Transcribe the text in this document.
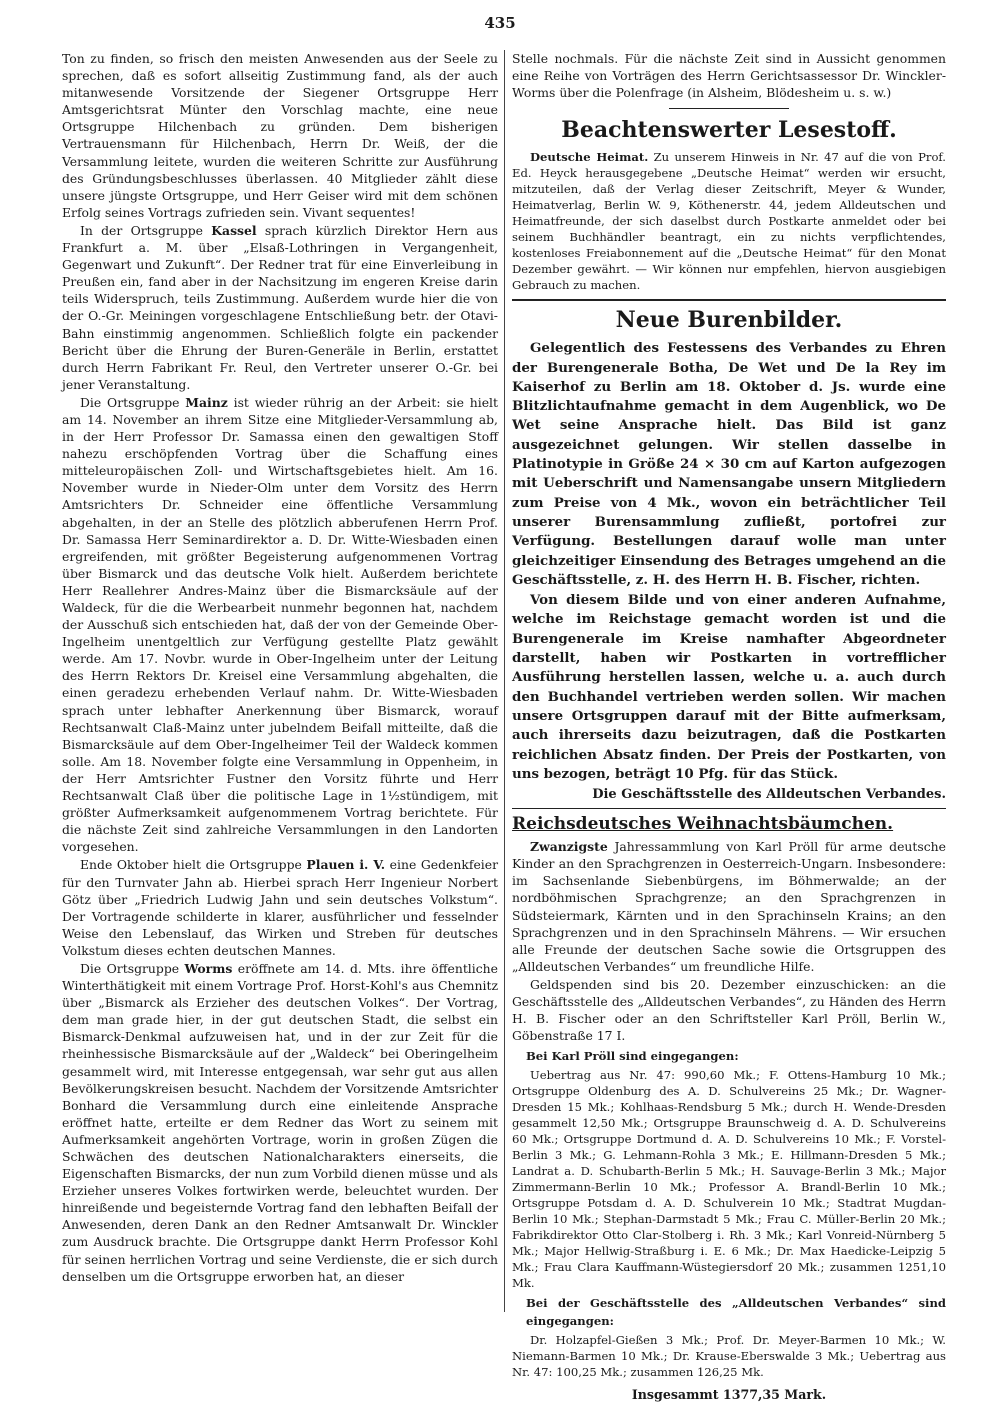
435

Ton zu finden, so frisch den meisten Anwesenden aus der Seele zu sprechen, daß es sofort allseitig Zustimmung fand, als der auch mitanwesende Vorsitzende der Siegener Ortsgruppe Herr Amtsgerichtsrat Münter den Vorschlag machte, eine neue Ortsgruppe Hilchenbach zu gründen. Dem bisherigen Vertrauensmann für Hilchenbach, Herrn Dr. Weiß, der die Versammlung leitete, wurden die weiteren Schritte zur Ausführung des Gründungsbeschlusses überlassen. 40 Mitglieder zählt diese unsere jüngste Ortsgruppe, und Herr Geiser wird mit dem schönen Erfolg seines Vortrags zufrieden sein. Vivant sequentes!

In der Ortsgruppe Kassel sprach kürzlich Direktor Hern aus Frankfurt a. M. über „Elsaß-Lothringen in Vergangenheit, Gegenwart und Zukunft“. Der Redner trat für eine Einverleibung in Preußen ein, fand aber in der Nachsitzung im engeren Kreise darin teils Widerspruch, teils Zustimmung. Außerdem wurde hier die von der O.-Gr. Meiningen vorgeschlagene Entschließung betr. der Otavi-Bahn einstimmig angenommen. Schließlich folgte ein packender Bericht über die Ehrung der Buren-Generäle in Berlin, erstattet durch Herrn Fabrikant Fr. Reul, den Vertreter unserer O.-Gr. bei jener Veranstaltung.

Die Ortsgruppe Mainz ist wieder rührig an der Arbeit: sie hielt am 14. November an ihrem Sitze eine Mitglieder-Versammlung ab, in der Herr Professor Dr. Samassa einen den gewaltigen Stoff nahezu erschöpfenden Vortrag über die Schaffung eines mitteleuropäischen Zoll- und Wirtschaftsgebietes hielt. Am 16. November wurde in Nieder-Olm unter dem Vorsitz des Herrn Amtsrichters Dr. Schneider eine öffentliche Versammlung abgehalten, in der an Stelle des plötzlich abberufenen Herrn Prof. Dr. Samassa Herr Seminardirektor a. D. Dr. Witte-Wiesbaden einen ergreifenden, mit größter Begeisterung aufgenommenen Vortrag über Bismarck und das deutsche Volk hielt. Außerdem berichtete Herr Reallehrer Andres-Mainz über die Bismarcksäule auf der Waldeck, für die die Werbearbeit nunmehr begonnen hat, nachdem der Ausschuß sich entschieden hat, daß der von der Gemeinde Ober-Ingelheim unentgeltlich zur Verfügung gestellte Platz gewählt werde. Am 17. Novbr. wurde in Ober-Ingelheim unter der Leitung des Herrn Rektors Dr. Kreisel eine Versammlung abgehalten, die einen geradezu erhebenden Verlauf nahm. Dr. Witte-Wiesbaden sprach unter lebhafter Anerkennung über Bismarck, worauf Rechtsanwalt Claß-Mainz unter jubelndem Beifall mitteilte, daß die Bismarcksäule auf dem Ober-Ingelheimer Teil der Waldeck kommen solle. Am 18. November folgte eine Versammlung in Oppenheim, in der Herr Amtsrichter Fustner den Vorsitz führte und Herr Rechtsanwalt Claß über die politische Lage in 1½stündigem, mit größter Aufmerksamkeit aufgenommenem Vortrag berichtete. Für die nächste Zeit sind zahlreiche Versammlungen in den Landorten vorgesehen.

Ende Oktober hielt die Ortsgruppe Plauen i. V. eine Gedenkfeier für den Turnvater Jahn ab. Hierbei sprach Herr Ingenieur Norbert Götz über „Friedrich Ludwig Jahn und sein deutsches Volkstum“. Der Vortragende schilderte in klarer, ausführlicher und fesselnder Weise den Lebenslauf, das Wirken und Streben für deutsches Volkstum dieses echten deutschen Mannes.

Die Ortsgruppe Worms eröffnete am 14. d. Mts. ihre öffentliche Winterthätigkeit mit einem Vortrage Prof. Horst-Kohl's aus Chemnitz über „Bismarck als Erzieher des deutschen Volkes“. Der Vortrag, dem man grade hier, in der gut deutschen Stadt, die selbst ein Bismarck-Denkmal aufzuweisen hat, und in der zur Zeit für die rheinhessische Bismarcksäule auf der „Waldeck“ bei Oberingelheim gesammelt wird, mit Interesse entgegensah, war sehr gut aus allen Bevölkerungskreisen besucht. Nachdem der Vorsitzende Amtsrichter Bonhard die Versammlung durch eine einleitende Ansprache eröffnet hatte, erteilte er dem Redner das Wort zu seinem mit Aufmerksamkeit angehörten Vortrage, worin in großen Zügen die Schwächen des deutschen Nationalcharakters einerseits, die Eigenschaften Bismarcks, der nun zum Vorbild dienen müsse und als Erzieher unseres Volkes fortwirken werde, beleuchtet wurden. Der hinreißende und begeisternde Vortrag fand den lebhaften Beifall der Anwesenden, deren Dank an den Redner Amtsanwalt Dr. Winckler zum Ausdruck brachte. Die Ortsgruppe dankt Herrn Professor Kohl für seinen herrlichen Vortrag und seine Verdienste, die er sich durch denselben um die Ortsgruppe erworben hat, an dieser

Stelle nochmals. Für die nächste Zeit sind in Aussicht genommen eine Reihe von Vorträgen des Herrn Gerichtsassessor Dr. Winckler-Worms über die Polenfrage (in Alsheim, Blödesheim u. s. w.)

Beachtenswerter Lesestoff.

Deutsche Heimat. Zu unserem Hinweis in Nr. 47 auf die von Prof. Ed. Heyck herausgegebene „Deutsche Heimat“ werden wir ersucht, mitzuteilen, daß der Verlag dieser Zeitschrift, Meyer & Wunder, Heimatverlag, Berlin W. 9, Köthenerstr. 44, jedem Alldeutschen und Heimatfreunde, der sich daselbst durch Postkarte anmeldet oder bei seinem Buchhändler beantragt, ein zu nichts verpflichtendes, kostenloses Freiabonnement auf die „Deutsche Heimat“ für den Monat Dezember gewährt. — Wir können nur empfehlen, hiervon ausgiebigen Gebrauch zu machen.

Neue Burenbilder.

Gelegentlich des Festessens des Verbandes zu Ehren der Burengenerale Botha, De Wet und De la Rey im Kaiserhof zu Berlin am 18. Oktober d. Js. wurde eine Blitzlichtaufnahme gemacht in dem Augenblick, wo De Wet seine Ansprache hielt. Das Bild ist ganz ausgezeichnet gelungen. Wir stellen dasselbe in Platinotypie in Größe 24 × 30 cm auf Karton aufgezogen mit Ueberschrift und Namensangabe unsern Mitgliedern zum Preise von 4 Mk., wovon ein beträchtlicher Teil unserer Burensammlung zufließt, portofrei zur Verfügung. Bestellungen darauf wolle man unter gleichzeitiger Einsendung des Betrages umgehend an die Geschäftsstelle, z. H. des Herrn H. B. Fischer, richten.

Von diesem Bilde und von einer anderen Aufnahme, welche im Reichstage gemacht worden ist und die Burengenerale im Kreise namhafter Abgeordneter darstellt, haben wir Postkarten in vortrefflicher Ausführung herstellen lassen, welche u. a. auch durch den Buchhandel vertrieben werden sollen. Wir machen unsere Ortsgruppen darauf mit der Bitte aufmerksam, auch ihrerseits dazu beizutragen, daß die Postkarten reichlichen Absatz finden. Der Preis der Postkarten, von uns bezogen, beträgt 10 Pfg. für das Stück.

Die Geschäftsstelle des Alldeutschen Verbandes.
Reichsdeutsches Weihnachtsbäumchen.

Zwanzigste Jahressammlung von Karl Pröll für arme deutsche Kinder an den Sprachgrenzen in Oesterreich-Ungarn. Insbesondere: im Sachsenlande Siebenbürgens, im Böhmerwalde; an der nordböhmischen Sprachgrenze; an den Sprachgrenzen in Südsteiermark, Kärnten und in den Sprachinseln Krains; an den Sprachgrenzen und in den Sprachinseln Mährens. — Wir ersuchen alle Freunde der deutschen Sache sowie die Ortsgruppen des „Alldeutschen Verbandes“ um freundliche Hilfe.

Geldspenden sind bis 20. Dezember einzuschicken: an die Geschäftsstelle des „Alldeutschen Verbandes“, zu Händen des Herrn H. B. Fischer oder an den Schriftsteller Karl Pröll, Berlin W., Göbenstraße 17 I.

Bei Karl Pröll sind eingegangen:

Uebertrag aus Nr. 47: 990,60 Mk.; F. Ottens-Hamburg 10 Mk.; Ortsgruppe Oldenburg des A. D. Schulvereins 25 Mk.; Dr. Wagner-Dresden 15 Mk.; Kohlhaas-Rendsburg 5 Mk.; durch H. Wende-Dresden gesammelt 12,50 Mk.; Ortsgruppe Braunschweig d. A. D. Schulvereins 60 Mk.; Ortsgruppe Dortmund d. A. D. Schulvereins 10 Mk.; F. Vorstel-Berlin 3 Mk.; G. Lehmann-Rohla 3 Mk.; E. Hillmann-Dresden 5 Mk.; Landrat a. D. Schubarth-Berlin 5 Mk.; H. Sauvage-Berlin 3 Mk.; Major Zimmermann-Berlin 10 Mk.; Professor A. Brandl-Berlin 10 Mk.; Ortsgruppe Potsdam d. A. D. Schulverein 10 Mk.; Stadtrat Mugdan-Berlin 10 Mk.; Stephan-Darmstadt 5 Mk.; Frau C. Müller-Berlin 20 Mk.; Fabrikdirektor Otto Clar-Stolberg i. Rh. 3 Mk.; Karl Vonreid-Nürnberg 5 Mk.; Major Hellwig-Straßburg i. E. 6 Mk.; Dr. Max Haedicke-Leipzig 5 Mk.; Frau Clara Kauffmann-Wüstegiersdorf 20 Mk.; zusammen 1251,10 Mk.

Bei der Geschäftsstelle des „Alldeutschen Verbandes“ sind eingegangen:

Dr. Holzapfel-Gießen 3 Mk.; Prof. Dr. Meyer-Barmen 10 Mk.; W. Niemann-Barmen 10 Mk.; Dr. Krause-Eberswalde 3 Mk.; Uebertrag aus Nr. 47: 100,25 Mk.; zusammen 126,25 Mk.

Insgesammt 1377,35 Mark.
